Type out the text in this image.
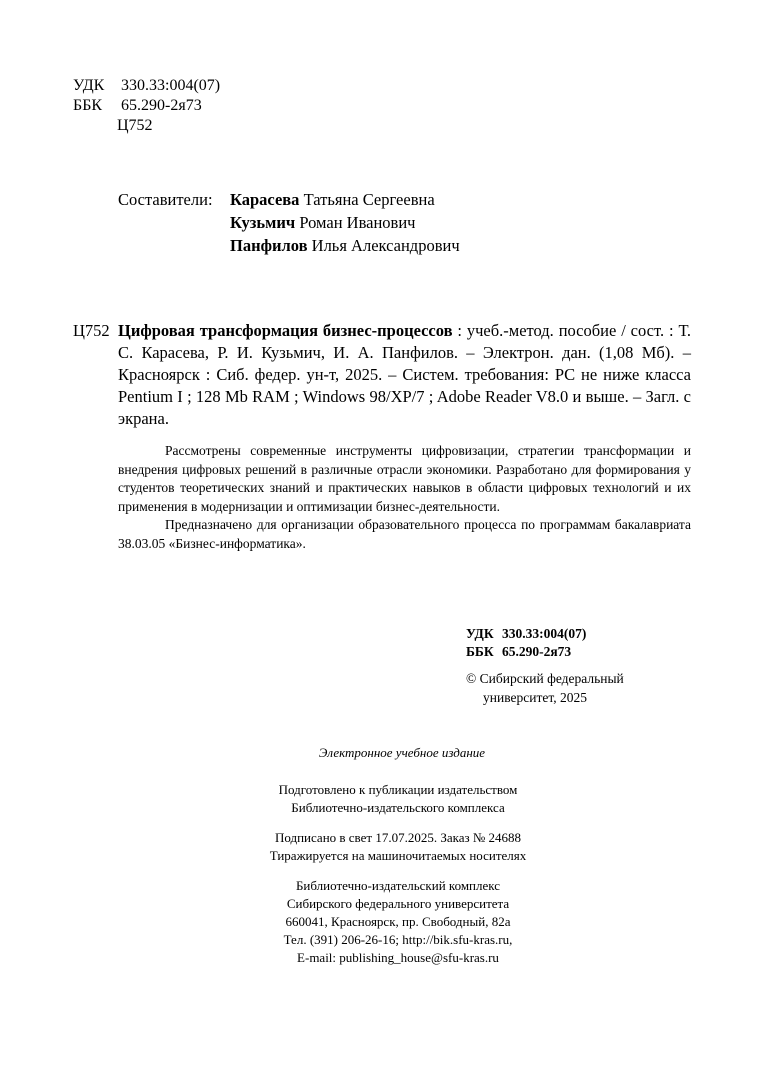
УДК	330.33:004(07)
ББК	65.290-2я73
Ц752
Составители:	Карасева Татьяна Сергеевна
Кузьмич Роман Иванович
Панфилов Илья Александрович
Ц752 Цифровая трансформация бизнес-процессов : учеб.-метод. пособие / сост. : Т. С. Карасева, Р. И. Кузьмич, И. А. Панфилов. – Электрон. дан. (1,08 Мб). – Красноярск : Сиб. федер. ун-т, 2025. – Систем. требования: PC не ниже класса Pentium I ; 128 Mb RAM ; Windows 98/XP/7 ; Adobe Reader V8.0 и выше. – Загл. с экрана.

Рассмотрены современные инструменты цифровизации, стратегии трансформации и внедрения цифровых решений в различные отрасли экономики. Разработано для формирования у студентов теоретических знаний и практических навыков в области цифровых технологий и их применения в модернизации и оптимизации бизнес-деятельности.

Предназначено для организации образовательного процесса по программам бакалавриата 38.03.05 «Бизнес-информатика».

УДК 330.33:004(07)
ББК 65.290-2я73
© Сибирский федеральный
университет, 2025
Электронное учебное издание
Подготовлено к публикации издательством
Библиотечно-издательского комплекса
Подписано в свет 17.07.2025. Заказ № 24688
Тиражируется на машиночитаемых носителях
Библиотечно-издательский комплекс
Сибирского федерального университета
660041, Красноярск, пр. Свободный, 82а
Тел. (391) 206-26-16; http://bik.sfu-kras.ru,
E-mail: publishing_house@sfu-kras.ru
